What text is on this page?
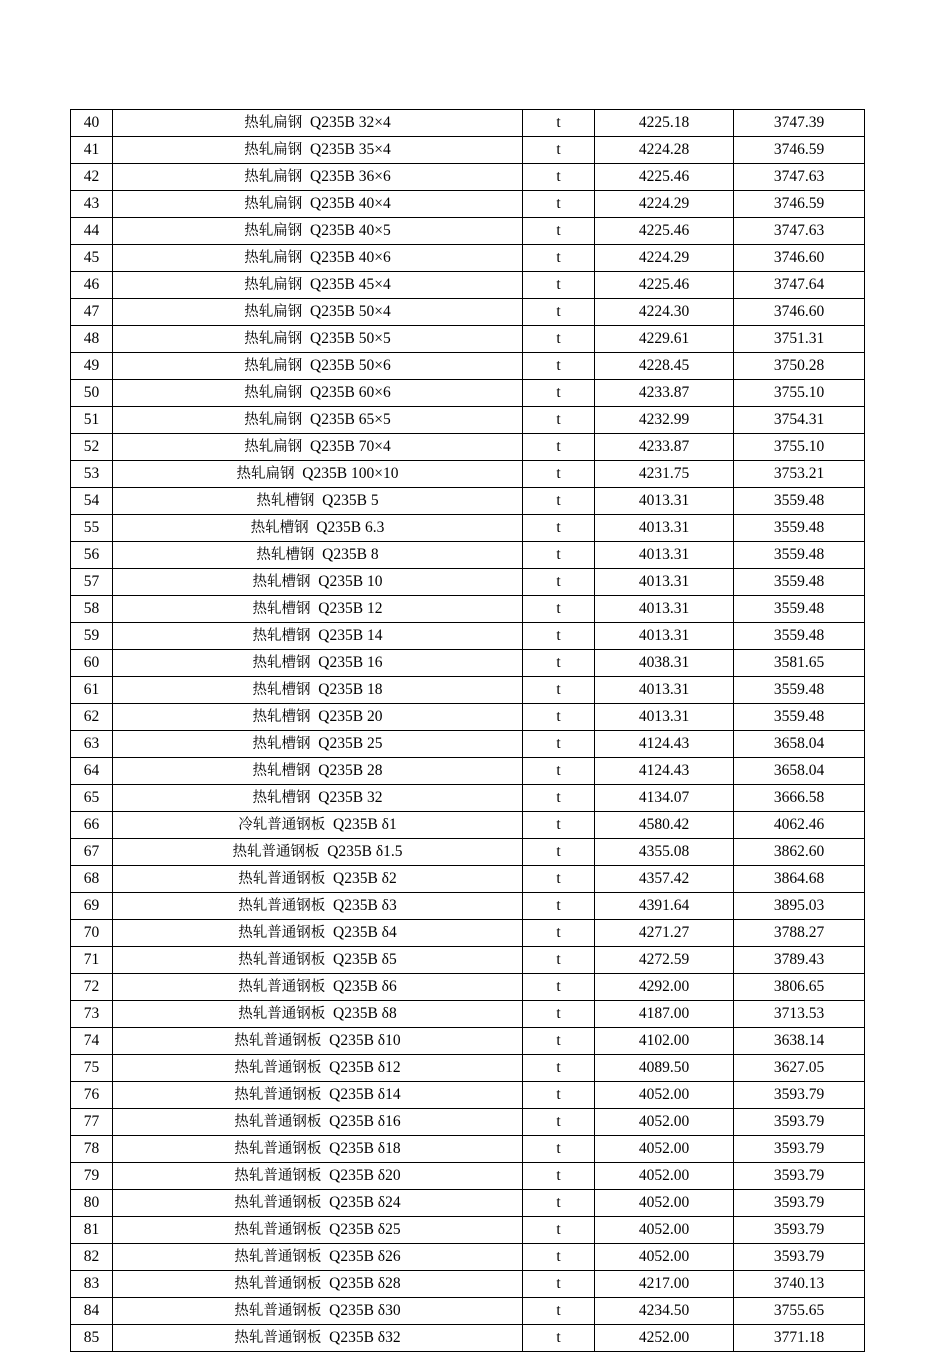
40	热轧扁钢 Q235B 32×4	t	4225.18	3747.39
41	热轧扁钢 Q235B 35×4	t	4224.28	3746.59
42	热轧扁钢 Q235B 36×6	t	4225.46	3747.63
43	热轧扁钢 Q235B 40×4	t	4224.29	3746.59
44	热轧扁钢 Q235B 40×5	t	4225.46	3747.63
45	热轧扁钢 Q235B 40×6	t	4224.29	3746.60
46	热轧扁钢 Q235B 45×4	t	4225.46	3747.64
47	热轧扁钢 Q235B 50×4	t	4224.30	3746.60
48	热轧扁钢 Q235B 50×5	t	4229.61	3751.31
49	热轧扁钢 Q235B 50×6	t	4228.45	3750.28
50	热轧扁钢 Q235B 60×6	t	4233.87	3755.10
51	热轧扁钢 Q235B 65×5	t	4232.99	3754.31
52	热轧扁钢 Q235B 70×4	t	4233.87	3755.10
53	热轧扁钢 Q235B 100×10	t	4231.75	3753.21
54	热轧槽钢 Q235B 5	t	4013.31	3559.48
55	热轧槽钢 Q235B 6.3	t	4013.31	3559.48
56	热轧槽钢 Q235B 8	t	4013.31	3559.48
57	热轧槽钢 Q235B 10	t	4013.31	3559.48
58	热轧槽钢 Q235B 12	t	4013.31	3559.48
59	热轧槽钢 Q235B 14	t	4013.31	3559.48
60	热轧槽钢 Q235B 16	t	4038.31	3581.65
61	热轧槽钢 Q235B 18	t	4013.31	3559.48
62	热轧槽钢 Q235B 20	t	4013.31	3559.48
63	热轧槽钢 Q235B 25	t	4124.43	3658.04
64	热轧槽钢 Q235B 28	t	4124.43	3658.04
65	热轧槽钢 Q235B 32	t	4134.07	3666.58
66	冷轧普通钢板 Q235B δ1	t	4580.42	4062.46
67	热轧普通钢板 Q235B δ1.5	t	4355.08	3862.60
68	热轧普通钢板 Q235B δ2	t	4357.42	3864.68
69	热轧普通钢板 Q235B δ3	t	4391.64	3895.03
70	热轧普通钢板 Q235B δ4	t	4271.27	3788.27
71	热轧普通钢板 Q235B δ5	t	4272.59	3789.43
72	热轧普通钢板 Q235B δ6	t	4292.00	3806.65
73	热轧普通钢板 Q235B δ8	t	4187.00	3713.53
74	热轧普通钢板 Q235B δ10	t	4102.00	3638.14
75	热轧普通钢板 Q235B δ12	t	4089.50	3627.05
76	热轧普通钢板 Q235B δ14	t	4052.00	3593.79
77	热轧普通钢板 Q235B δ16	t	4052.00	3593.79
78	热轧普通钢板 Q235B δ18	t	4052.00	3593.79
79	热轧普通钢板 Q235B δ20	t	4052.00	3593.79
80	热轧普通钢板 Q235B δ24	t	4052.00	3593.79
81	热轧普通钢板 Q235B δ25	t	4052.00	3593.79
82	热轧普通钢板 Q235B δ26	t	4052.00	3593.79
83	热轧普通钢板 Q235B δ28	t	4217.00	3740.13
84	热轧普通钢板 Q235B δ30	t	4234.50	3755.65
85	热轧普通钢板 Q235B δ32	t	4252.00	3771.18
